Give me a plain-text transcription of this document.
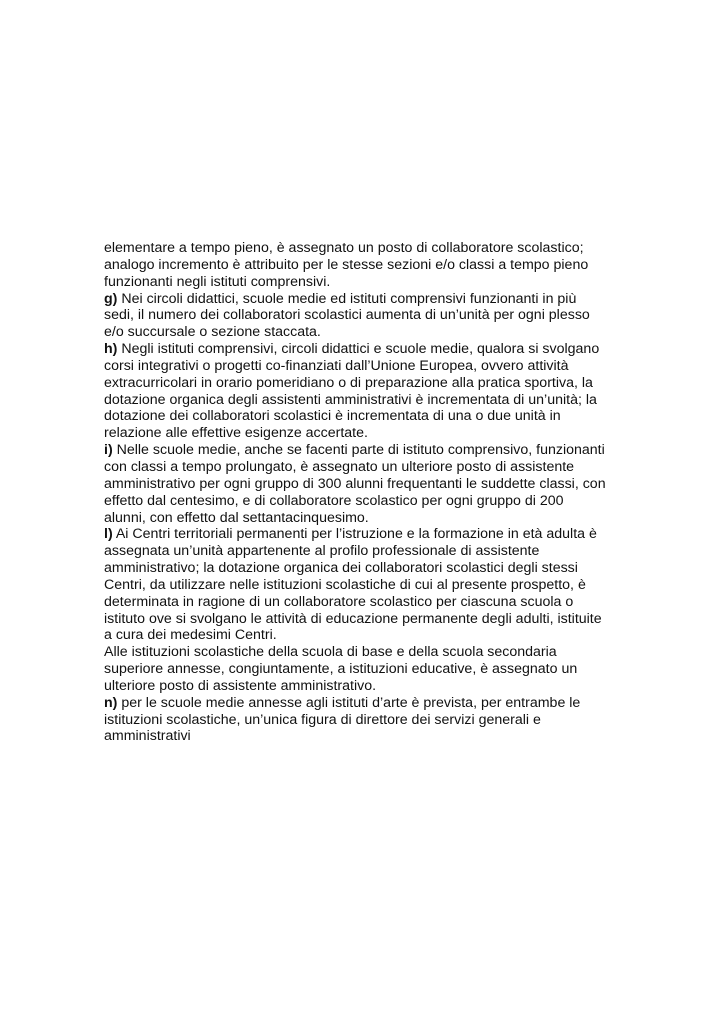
elementare a tempo pieno, è assegnato un posto di collaboratore scolastico;
analogo incremento è attribuito per le stesse sezioni e/o classi a tempo pieno
funzionanti negli istituti comprensivi.

g) Nei circoli didattici, scuole medie ed istituti comprensivi funzionanti in più
sedi, il numero dei collaboratori scolastici aumenta di un’unità per ogni plesso
e/o succursale o sezione staccata.

h) Negli istituti comprensivi, circoli didattici e scuole medie, qualora si svolgano
corsi integrativi o progetti co-finanziati dall’Unione Europea, ovvero attività
extracurricolari in orario pomeridiano o di preparazione alla pratica sportiva, la
dotazione organica degli assistenti amministrativi è incrementata di un’unità; la
dotazione dei collaboratori scolastici è incrementata di una o due unità in
relazione alle effettive esigenze accertate.

i) Nelle scuole medie, anche se facenti parte di istituto comprensivo, funzionanti
con classi a tempo prolungato, è assegnato un ulteriore posto di assistente
amministrativo per ogni gruppo di 300 alunni frequentanti le suddette classi, con
effetto dal centesimo, e di collaboratore scolastico per ogni gruppo di 200
alunni, con effetto dal settantacinquesimo.

l) Ai Centri territoriali permanenti per l’istruzione e la formazione in età adulta è
assegnata un’unità appartenente al profilo professionale di assistente
amministrativo; la dotazione organica dei collaboratori scolastici degli stessi
Centri, da utilizzare nelle istituzioni scolastiche di cui al presente prospetto, è
determinata in ragione di un collaboratore scolastico per ciascuna scuola o
istituto ove si svolgano le attività di educazione permanente degli adulti, istituite
a cura dei medesimi Centri.

Alle istituzioni scolastiche della scuola di base e della scuola secondaria
superiore annesse, congiuntamente, a istituzioni educative, è assegnato un
ulteriore posto di assistente amministrativo.

n) per le scuole medie annesse agli istituti d’arte è prevista, per entrambe le
istituzioni scolastiche, un’unica figura di direttore dei servizi generali e
amministrativi
